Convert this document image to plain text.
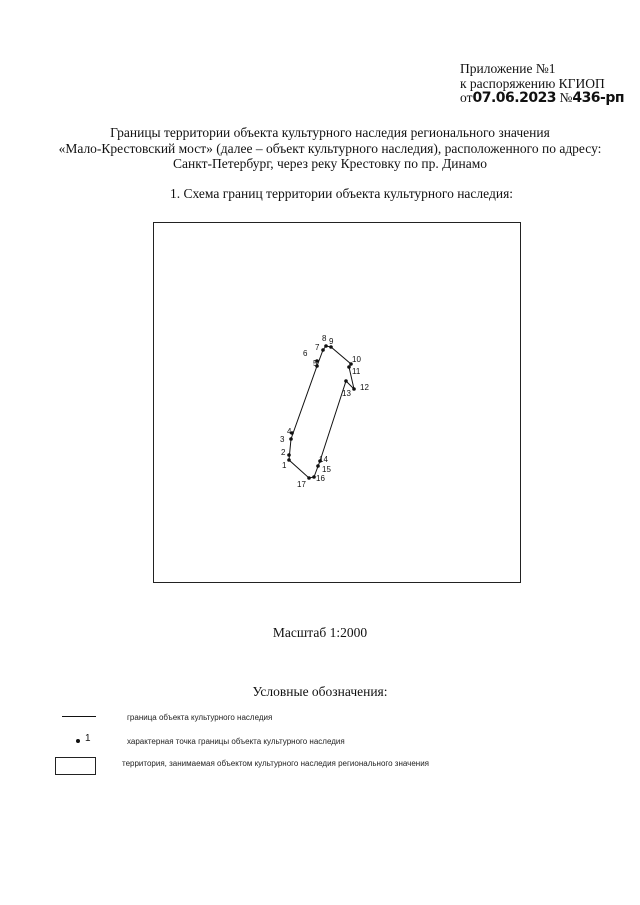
Приложение №1
к распоряжению КГИОП
от07.06.2023 №436-рп
Границы территории объекта культурного наследия регионального значения
«Мало-Крестовский мост» (далее – объект культурного наследия), расположенного по адресу:
Санкт-Петербург, через реку Крестовку по пр. Динамо
1. Схема границ территории объекта культурного наследия:
1
2
3
4
5
6
7
8 9
10
11
12
13
14
15
16
17
Масштаб 1:2000
Условные обозначения:
граница объекта культурного наследия
1	характерная точка границы объекта культурного наследия
территория, занимаемая объектом культурного наследия регионального значения
